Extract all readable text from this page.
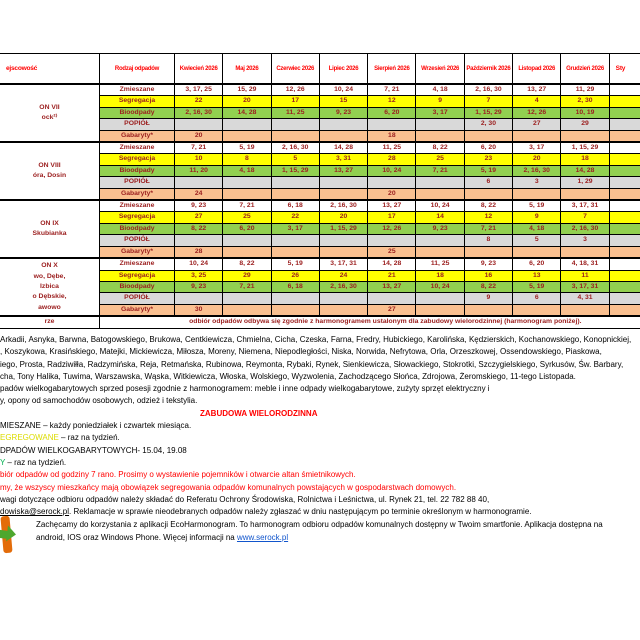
ejscowość	Rodzaj odpadów	Kwiecień 2026	Maj 2026	Czerwiec 2026	Lipiec 2026	Sierpień 2026	Wrzesień 2026	Październik 2026	Listopad 2026	Grudzień 2026	Sty

ON VII
ock²⁾	Zmieszane	3, 17, 25	15, 29	12, 26	10, 24	7, 21	4, 18	2, 16, 30	13, 27	11, 29	
	Segregacja	22	20	17	15	12	9	7	4	2, 30	
	Bioodpady	2, 16, 30	14, 28	11, 25	9, 23	6, 20	3, 17	1, 15, 29	12, 26	10, 19	
	POPIÓŁ							2, 30	27	29	
	Gabaryty*	20				18					

ON VIII
óra, Dosin	Zmieszane	7, 21	5, 19	2, 16, 30	14, 28	11, 25	8, 22	6, 20	3, 17	1, 15, 29	
	Segregacja	10	8	5	3, 31	28	25	23	20	18	
	Bioodpady	11, 20	4, 18	1, 15, 29	13, 27	10, 24	7, 21	5, 19	2, 16, 30	14, 28	
	POPIÓŁ							6	3	1, 29	
	Gabaryty*	24				20					

ON IX
Skubianka	Zmieszane	9, 23	7, 21	6, 18	2, 16, 30	13, 27	10, 24	8, 22	5, 19	3, 17, 31	
	Segregacja	27	25	22	20	17	14	12	9	7	
	Bioodpady	8, 22	6, 20	3, 17	1, 15, 29	12, 26	9, 23	7, 21	4, 18	2, 16, 30	
	POPIÓŁ							8	5	3	
	Gabaryty*	28				25					

ON X
wo, Dębe,
Izbica
o Dębskie,
awowo	Zmieszane	10, 24	8, 22	5, 19	3, 17, 31	14, 28	11, 25	9, 23	6, 20	4, 18, 31	
	Segregacja	3, 25	29	26	24	21	18	16	13	11	
	Bioodpady	9, 23	7, 21	6, 18	2, 16, 30	13, 27	10, 24	8, 22	5, 19	3, 17, 31	
	POPIÓŁ							9	6	4, 31	
	Gabaryty*	30				27					
rze	odbiór odpadów odbywa się zgodnie z harmonogramem ustalonym dla zabudowy wielorodzinnej (harmonogram poniżej).										
Arkadii, Asnyka, Barwna, Batogowskiego, Brukowa, Centkiewicza, Chmielna, Cicha, Czeska, Farna, Fredry, Hubickiego, Karolińska, Kędzierskich, Kochanowskiego, Konopnickiej,
, Koszykowa, Krasińskiego, Matejki, Mickiewicza, Miłosza, Moreny, Niemena, Niepodległości, Niska, Norwida, Nefrytowa, Orla, Orzeszkowej, Ossendowskiego, Piaskowa,
iego, Prosta, Radziwiłła, Radzymińska, Reja, Retmańska, Rubinowa, Reymonta, Rybaki, Rynek, Sienkiewicza, Słowackiego, Stokrotki, Szczygielskiego, Syrkusów, Św. Barbary,
cha, Tony Halika, Tuwima, Warszawska, Wąska, Witkiewicza, Włoska, Wolskiego, Wyzwolenia, Zachodzącego Słońca, Zdrojowa, Żeromskiego, 11-tego Listopada.
padów wielkogabarytowych sprzed posesji zgodnie z harmonogramem: meble i inne odpady wielkogabarytowe, zużyty sprzęt elektryczny i
y, opony od samochodów osobowych, odzież i tekstylia.
ZABUDOWA WIELORODZINNA
MIESZANE – każdy poniedziałek i czwartek miesiąca.
EGREGOWANE – raz na tydzień.
DPADÓW WIELKOGABARYTOWYCH- 15.04, 19.08
Y – raz na tydzień.
biór odpadów od godziny 7 rano. Prosimy o wystawienie pojemników i otwarcie altan śmietnikowych.
my, że wszyscy mieszkańcy mają obowiązek segregowania odpadów komunalnych powstających w gospodarstwach domowych.
wagi dotyczące odbioru odpadów należy składać do Referatu Ochrony Środowiska, Rolnictwa i Leśnictwa, ul. Rynek 21, tel. 22 782 88 40,
dowiska@serock.pl. Reklamacje w sprawie nieodebranych odpadów należy zgłaszać w dniu następującym po terminie określonym w harmonogramie.
Zachęcamy do korzystania z aplikacji EcoHarmonogram. To harmonogram odbioru odpadów komunalnych dostępny w Twoim smartfonie. Aplikacja dostępna na
android, IOS oraz Windows Phone. Więcej informacji na www.serock.pl
